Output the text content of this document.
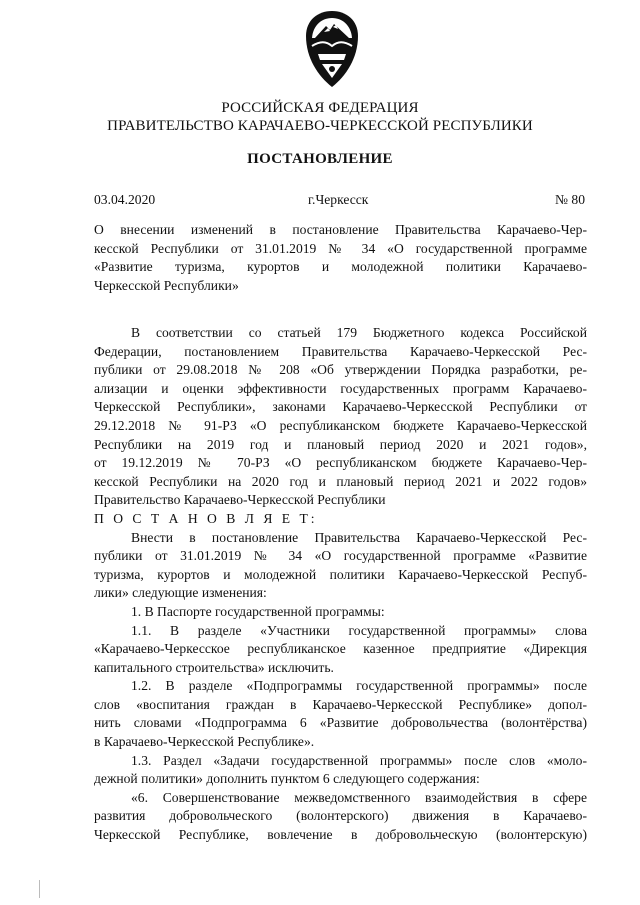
РОССИЙСКАЯ ФЕДЕРАЦИЯ
ПРАВИТЕЛЬСТВО КАРАЧАЕВО-ЧЕРКЕССКОЙ РЕСПУБЛИКИ
ПОСТАНОВЛЕНИЕ
03.04.2020	г.Черкесск	№ 80
О внесении изменений в постановление Правительства Карачаево-Чер-
кесской Республики от 31.01.2019 № 34 «О государственной программе
«Развитие туризма, курортов и молодежной политики Карачаево-
Черкесской Республики»
В соответствии со статьей 179 Бюджетного кодекса Российской
Федерации, постановлением Правительства Карачаево-Черкесской Рес-
публики от 29.08.2018 № 208 «Об утверждении Порядка разработки, ре-
ализации и оценки эффективности государственных программ Карачаево-
Черкесской Республики», законами Карачаево-Черкесской Республики от
29.12.2018 № 91-РЗ «О республиканском бюджете Карачаево-Черкесской
Республики на 2019 год и плановый период 2020 и 2021 годов»,
от 19.12.2019 № 70-РЗ «О республиканском бюджете Карачаево-Чер-
кесской Республики на 2020 год и плановый период 2021 и 2022 годов»
Правительство Карачаево-Черкесской Республики

П О С Т А Н О В Л Я Е Т:

Внести в постановление Правительства Карачаево-Черкесской Рес-
публики от 31.01.2019 № 34 «О государственной программе «Развитие
туризма, курортов и молодежной политики Карачаево-Черкесской Респуб-
лики» следующие изменения:

1. В Паспорте государственной программы:

1.1. В разделе «Участники государственной программы» слова
«Карачаево-Черкесское республиканское казенное предприятие «Дирекция
капитального строительства» исключить.
1.2. В разделе «Подпрограммы государственной программы» после
слов «воспитания граждан в Карачаево-Черкесской Республике» допол-
нить словами «Подпрограмма 6 «Развитие добровольчества (волонтёрства)
в Карачаево-Черкесской Республике».
1.3. Раздел «Задачи государственной программы» после слов «моло-
дежной политики» дополнить пунктом 6 следующего содержания:
«6. Совершенствование межведомственного взаимодействия в сфере
развития добровольческого (волонтерского) движения в Карачаево-
Черкесской Республике, вовлечение в добровольческую (волонтерскую)
